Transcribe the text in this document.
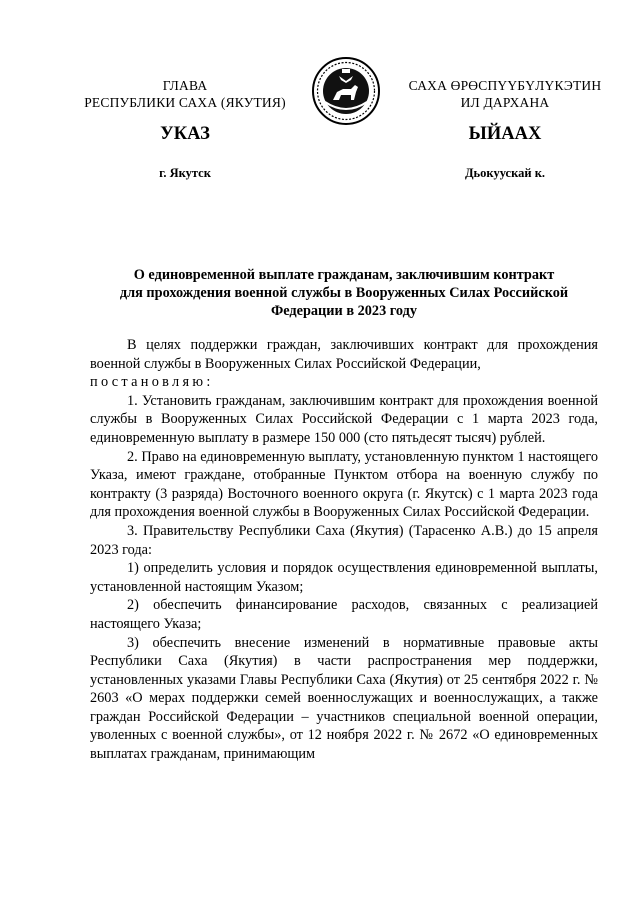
ГЛАВА
РЕСПУБЛИКИ САХА (ЯКУТИЯ)
САХА ӨРӨСПҮҮБҮЛҮКЭТИН
ИЛ ДАРХАНА
УКАЗ	ЫЙААХ
г. Якутск	Дьокуускай к.
О единовременной выплате гражданам, заключившим контракт
для прохождения военной службы в Вооруженных Силах Российской
Федерации в 2023 году

В целях поддержки граждан, заключивших контракт для прохождения военной службы в Вооруженных Силах Российской Федерации,

постановляю:

1. Установить гражданам, заключившим контракт для прохождения военной службы в Вооруженных Силах Российской Федерации с 1 марта 2023 года, единовременную выплату в размере 150 000 (сто пятьдесят тысяч) рублей.

2. Право на единовременную выплату, установленную пунктом 1 настоящего Указа, имеют граждане, отобранные Пунктом отбора на военную службу по контракту (3 разряда) Восточного военного округа (г. Якутск) с 1 марта 2023 года для прохождения военной службы в Вооруженных Силах Российской Федерации.

3. Правительству Республики Саха (Якутия) (Тарасенко А.В.) до 15 апреля 2023 года:

1) определить условия и порядок осуществления единовременной выплаты, установленной настоящим Указом;

2) обеспечить финансирование расходов, связанных с реализацией настоящего Указа;

3) обеспечить внесение изменений в нормативные правовые акты Республики Саха (Якутия) в части распространения мер поддержки, установленных указами Главы Республики Саха (Якутия) от 25 сентября 2022 г. № 2603 «О мерах поддержки семей военнослужащих и военнослужащих, а также граждан Российской Федерации – участников специальной военной операции, уволенных с военной службы», от 12 ноября 2022 г. № 2672 «О единовременных выплатах гражданам, принимающим
